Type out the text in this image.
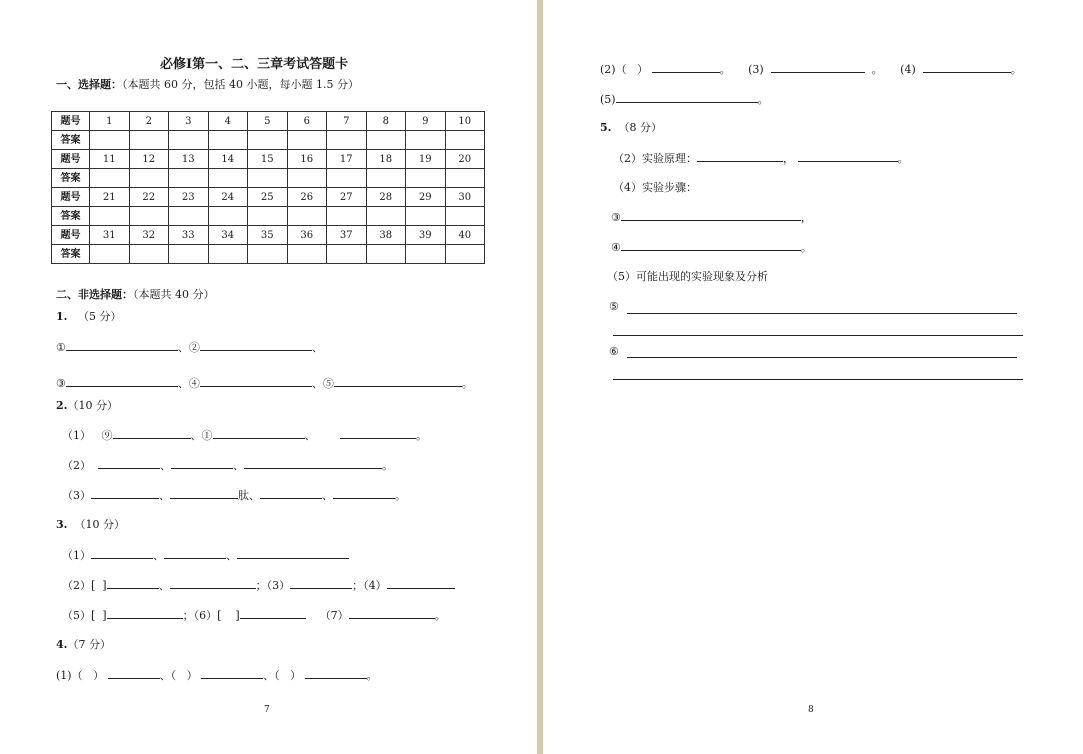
必修Ⅰ第一、二、三章考试答题卡
一、选择题：（本题共 60 分，包括 40 小题，每小题 1.5 分）
题号	1	2	3	4	5	6	7	8	9	10
答案										
题号	11	12	13	14	15	16	17	18	19	20
答案										
题号	21	22	23	24	25	26	27	28	29	30
答案										
题号	31	32	33	34	35	36	37	38	39	40
答案										
二、非选择题：（本题共 40 分）
1. （5 分）
①	、②	、
③	、④	、⑤	。
2.（10 分）
（1） ⑨	、①	、	。
（2）	、	、	。
（3）	、	肽、	、	。
3. （10 分）
（1）	、	、
（2）[ ]	、	；（3）	；（4）
（5）[ ]	；（6）[ ]	（7）	。
4.（7 分）
(1)（ ）	、（ ）	、（ ）	。
7
(2)（ ）	。 (3)	。 (4)	。
(5)	。
5. （8 分）
（2）实验原理：	，	。
（4）实验步骤：
③	，
④	。
（5）可能出现的实验现象及分析
⑤
⑥
8
